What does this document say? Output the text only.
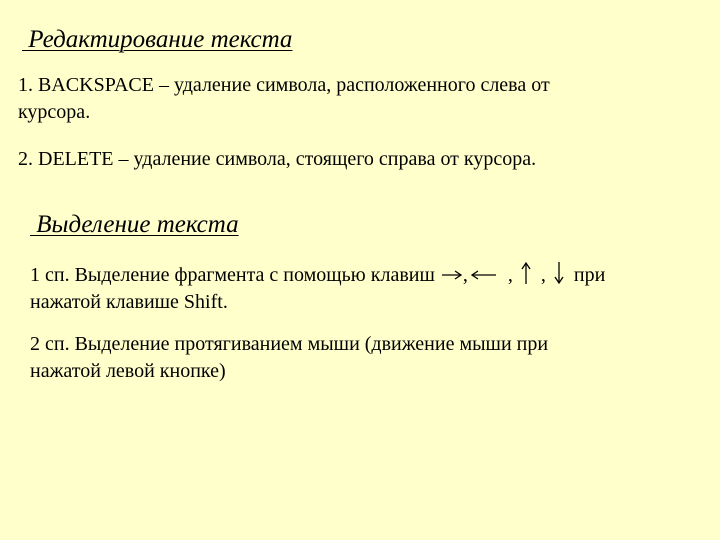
Редактирование текста
1. BACKSPACE – удаление символа, расположенного слева от
курсора.
2. DELETE – удаление символа, стоящего справа от курсора.
Выделение текста
1 сп. Выделение фрагмента с помощью клавиш , , , при
нажатой клавише Shift.
2 сп. Выделение протягиванием мыши (движение мыши при
нажатой левой кнопке)
